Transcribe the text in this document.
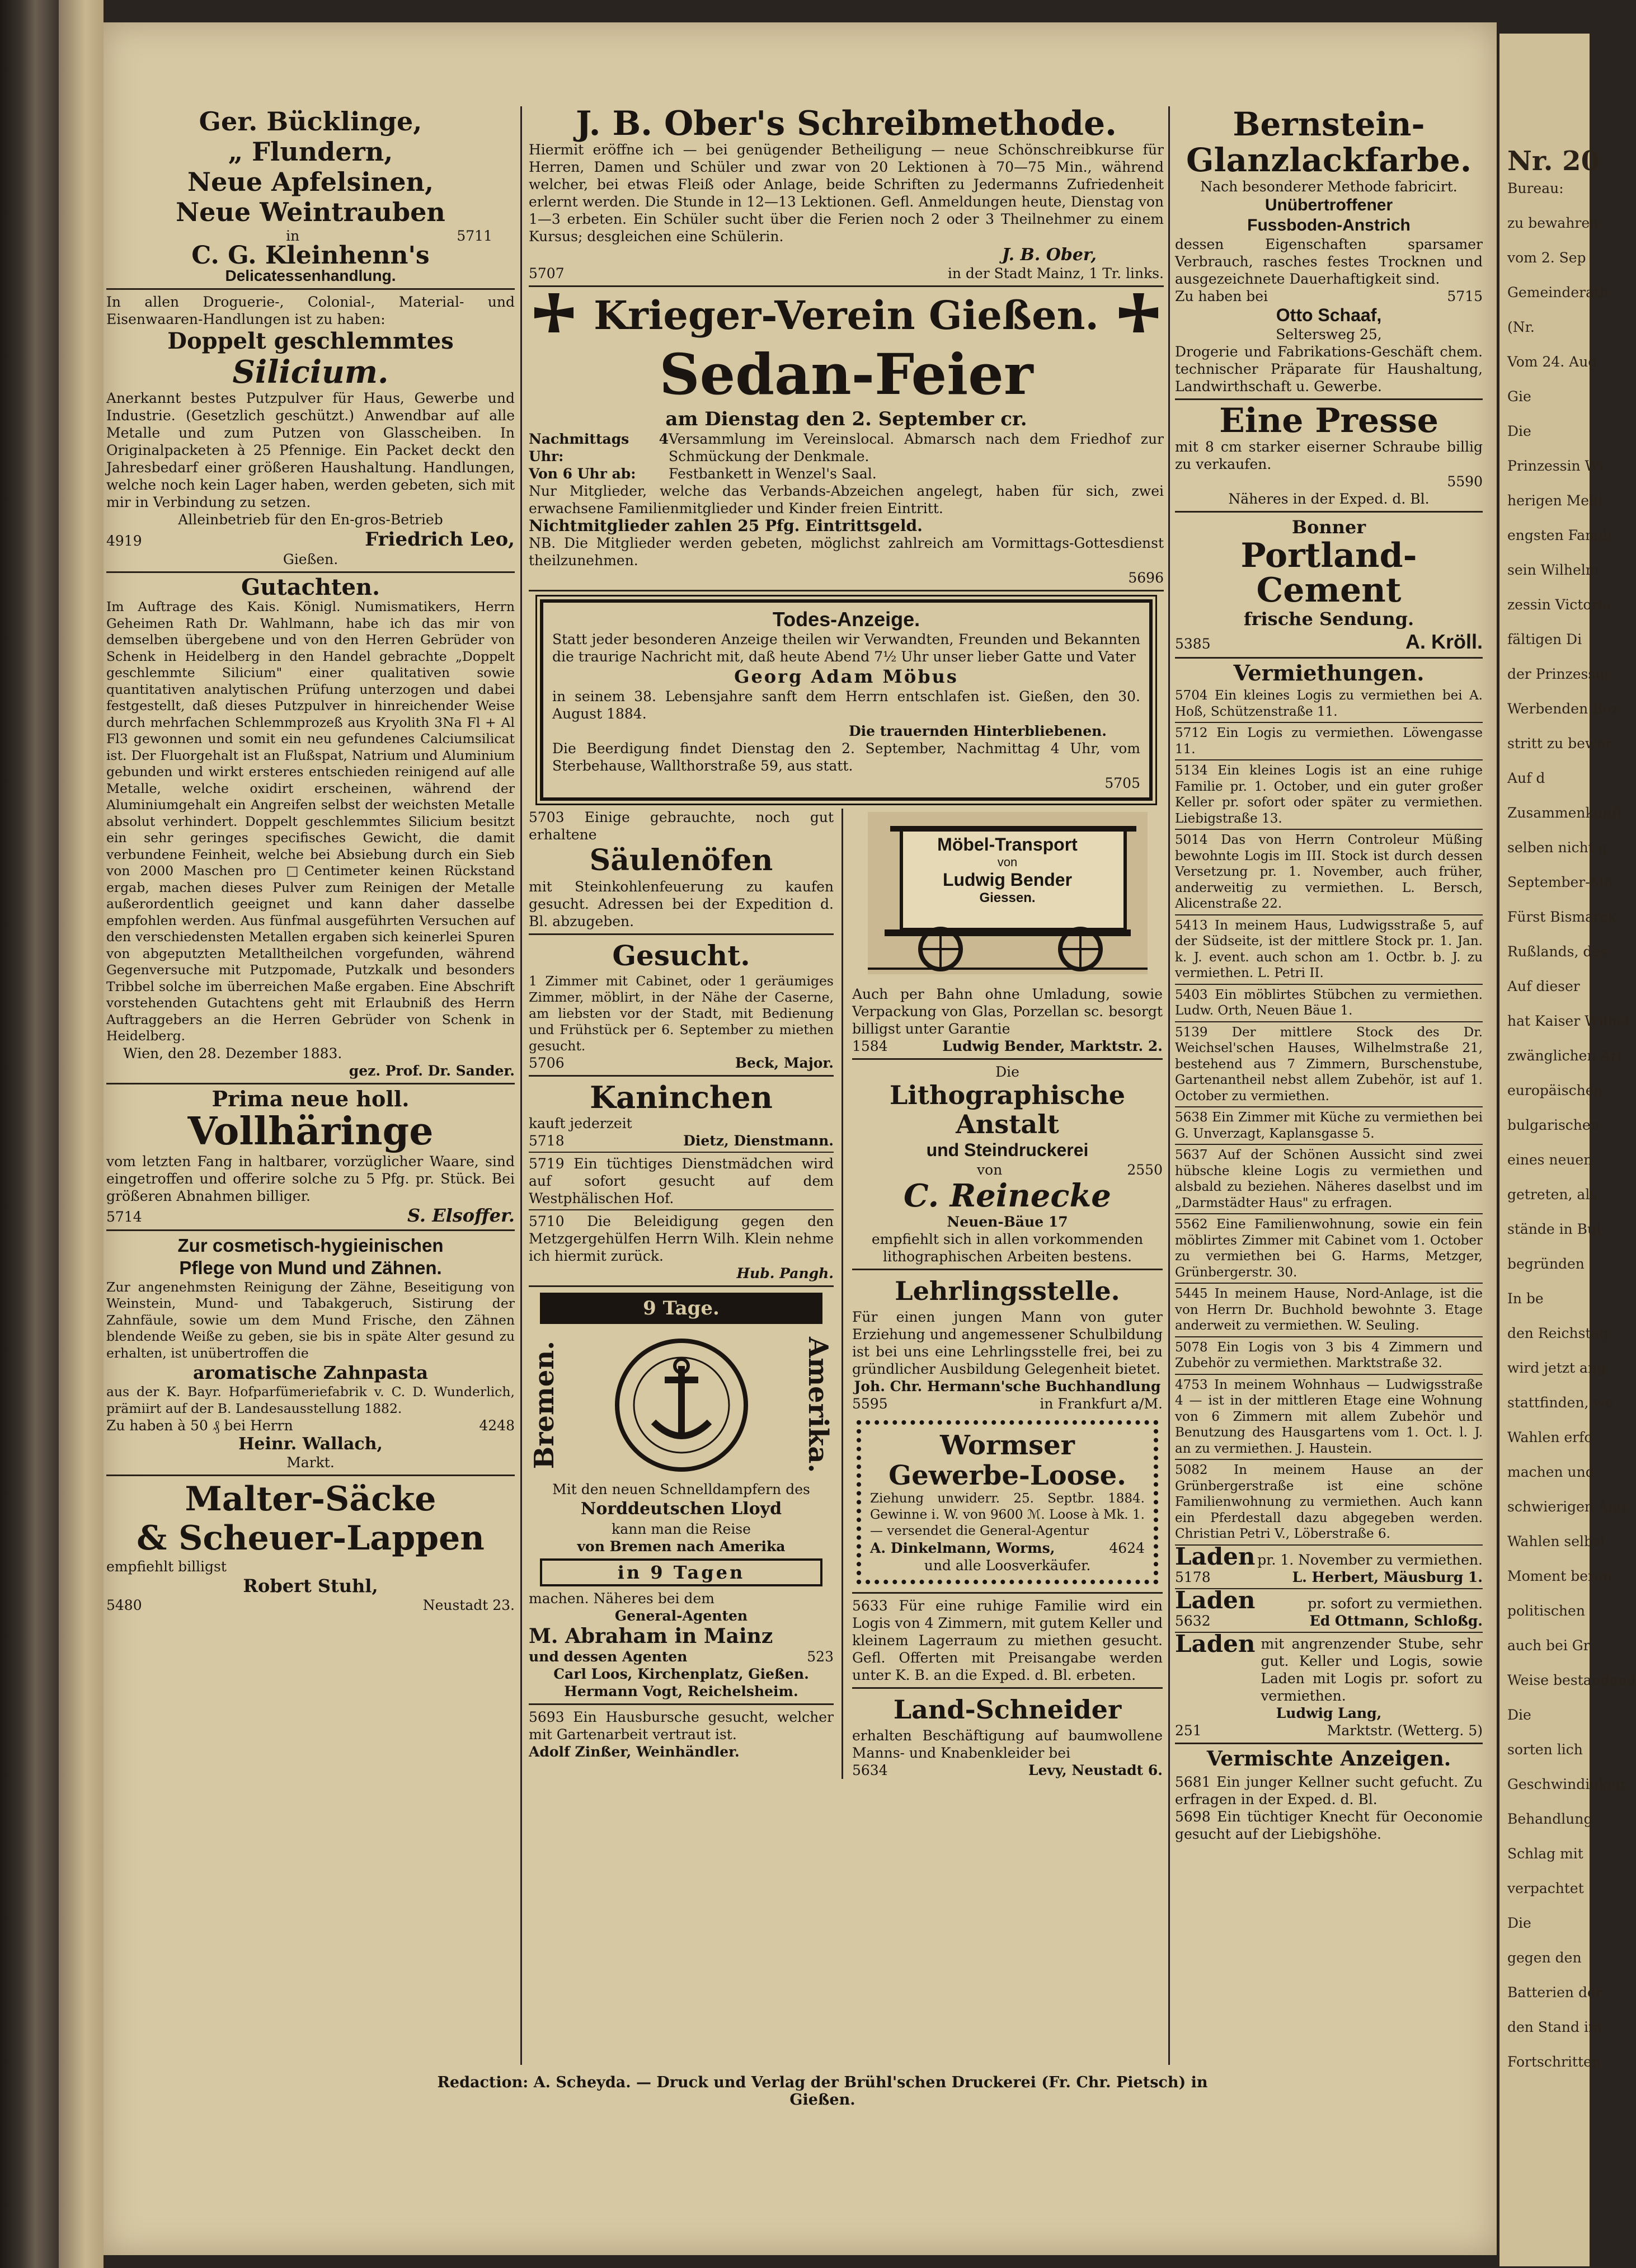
Nr. 20
Bureau:
zu bewahren
vom 2. Sep
Gemeinderath
(Nr.
Vom 24. Aug
Gie
Die
Prinzessin Wi
herigen Meld
engsten Famili
sein Wilhelm
zessin Victoria
fältigen Di
der Prinzessin
Werbenden Bez
stritt zu bewer
Auf d
Zusammenkunft
selben nicht g
September-Mo
Fürst Bismarck
Rußlands, des
Auf dieser
hat Kaiser Wilhel
zwänglichen Art
europäischen
bulgarischen
eines neuen
getreten, als
stände in Bul
begründen
In be
den Reichstag
wird jetzt ang
stattfinden, we
Wahlen erfo
machen und
schwierigen Ang
Wahlen selbst
Moment beran
politischen
auch bei Gr
Weise bestandend
Die
sorten lich
Geschwindigkeit
Behandlung
Schlag mit
verpachtet
Die
gegen den
Batterien der
den Stand im
Fortschritten
Ger. Bücklinge,
„ Flundern,
Neue Apfelsinen,
Neue Weintrauben
in	5711
C. G. Kleinhenn's
Delicatessenhandlung.
In allen Droguerie-, Colonial-, Material- und Eisenwaaren-Handlungen ist zu haben:
Doppelt geschlemmtes
Silicium.
Anerkannt bestes Putzpulver für Haus, Gewerbe und Industrie. (Gesetzlich geschützt.) Anwendbar auf alle Metalle und zum Putzen von Glasscheiben. In Originalpacketen à 25 Pfennige. Ein Packet deckt den Jahresbedarf einer größeren Haushaltung. Handlungen, welche noch kein Lager haben, werden gebeten, sich mit mir in Verbindung zu setzen.
Alleinbetrieb für den En-gros-Betrieb
4919	Friedrich Leo,
Gießen.
Gutachten.
Im Auftrage des Kais. Königl. Numismatikers, Herrn Geheimen Rath Dr. Wahlmann, habe ich das mir von demselben übergebene und von den Herren Gebrüder von Schenk in Heidelberg in den Handel gebrachte „Doppelt geschlemmte Silicium" einer qualitativen sowie quantitativen analytischen Prüfung unterzogen und dabei festgestellt, daß dieses Putzpulver in hinreichender Weise durch mehrfachen Schlemmprozeß aus Kryolith 3Na Fl + Al Fl3 gewonnen und somit ein neu gefundenes Calciumsilicat ist. Der Fluorgehalt ist an Flußspat, Natrium und Aluminium gebunden und wirkt ersteres entschieden reinigend auf alle Metalle, welche oxidirt erscheinen, während der Aluminiumgehalt ein Angreifen selbst der weichsten Metalle absolut verhindert. Doppelt geschlemmtes Silicium besitzt ein sehr geringes specifisches Gewicht, die damit verbundene Feinheit, welche bei Absiebung durch ein Sieb von 2000 Maschen pro □Centimeter keinen Rückstand ergab, machen dieses Pulver zum Reinigen der Metalle außerordentlich geeignet und kann daher dasselbe empfohlen werden. Aus fünfmal ausgeführten Versuchen auf den verschiedensten Metallen ergaben sich keinerlei Spuren von abgeputzten Metalltheilchen vorgefunden, während Gegenversuche mit Putzpomade, Putzkalk und besonders Tribbel solche im überreichen Maße ergaben. Eine Abschrift vorstehenden Gutachtens geht mit Erlaubniß des Herrn Auftraggebers an die Herren Gebrüder von Schenk in Heidelberg.
Wien, den 28. Dezember 1883.
gez. Prof. Dr. Sander.
Prima neue holl.
Vollhäringe
vom letzten Fang in haltbarer, vorzüglicher Waare, sind eingetroffen und offerire solche zu 5 Pfg. pr. Stück. Bei größeren Abnahmen billiger.
5714	S. Elsoffer.
Zur cosmetisch-hygieinischen
Pflege von Mund und Zähnen.
Zur angenehmsten Reinigung der Zähne, Beseitigung von Weinstein, Mund- und Tabakgeruch, Sistirung der Zahnfäule, sowie um dem Mund Frische, den Zähnen blendende Weiße zu geben, sie bis in späte Alter gesund zu erhalten, ist unübertroffen die
aromatische Zahnpasta
aus der K. Bayr. Hofparfümeriefabrik v. C. D. Wunderlich, prämiirt auf der B. Landesausstellung 1882.
Zu haben à 50 ₰ bei Herrn	4248
Heinr. Wallach,
Markt.
Malter-Säcke
& Scheuer-Lappen
empfiehlt billigst
Robert Stuhl,
5480	Neustadt 23.
J. B. Ober's Schreibmethode.
Hiermit eröffne ich — bei genügender Betheiligung — neue Schönschreibkurse für Herren, Damen und Schüler und zwar von 20 Lektionen à 70—75 Min., während welcher, bei etwas Fleiß oder Anlage, beide Schriften zu Jedermanns Zufriedenheit erlernt werden. Die Stunde in 12—13 Lektionen. Gefl. Anmeldungen heute, Dienstag von 1—3 erbeten. Ein Schüler sucht über die Ferien noch 2 oder 3 Theilnehmer zu einem Kursus; desgleichen eine Schülerin.
J. B. Ober,
5707	in der Stadt Mainz, 1 Tr. links.
Krieger-Verein Gießen.
Sedan-Feier
am Dienstag den 2. September cr.
Nachmittags 4 Uhr:
Versammlung im Vereinslocal. Abmarsch nach dem Friedhof zur Schmückung der Denkmale.
Von 6 Uhr ab:	Festbankett in Wenzel's Saal.
Nur Mitglieder, welche das Verbands-Abzeichen angelegt, haben für sich, zwei erwachsene Familienmitglieder und Kinder freien Eintritt.
Nichtmitglieder zahlen 25 Pfg. Eintrittsgeld.
NB. Die Mitglieder werden gebeten, möglichst zahlreich am Vormittags-Gottesdienst theilzunehmen.
5696
Todes-Anzeige.
Statt jeder besonderen Anzeige theilen wir Verwandten, Freunden und Bekannten die traurige Nachricht mit, daß heute Abend 7½ Uhr unser lieber Gatte und Vater
Georg Adam Möbus
in seinem 38. Lebensjahre sanft dem Herrn entschlafen ist. Gießen, den 30. August 1884.
Die trauernden Hinterbliebenen.
Die Beerdigung findet Dienstag den 2. September, Nachmittag 4 Uhr, vom Sterbehause, Wallthorstraße 59, aus statt.
5705
5703 Einige gebrauchte, noch gut erhaltene
Säulenöfen
mit Steinkohlenfeuerung zu kaufen gesucht. Adressen bei der Expedition d. Bl. abzugeben.
Gesucht.
1 Zimmer mit Cabinet, oder 1 geräumiges Zimmer, möblirt, in der Nähe der Caserne, am liebsten vor der Stadt, mit Bedienung und Frühstück per 6. September zu miethen gesucht.
5706	Beck, Major.
Kaninchen
kauft jederzeit
5718	Dietz, Dienstmann.
5719 Ein tüchtiges Dienstmädchen wird auf sofort gesucht auf dem Westphälischen Hof.
5710 Die Beleidigung gegen den Metzgergehülfen Herrn Wilh. Klein nehme ich hiermit zurück.
Hub. Pangh.
9 Tage.
Bremen.	Amerika.
Mit den neuen Schnelldampfern des
Norddeutschen Lloyd
kann man die Reise
von Bremen nach Amerika
in 9 Tagen
machen. Näheres bei dem
General-Agenten
M. Abraham in Mainz
und dessen Agenten	523
Carl Loos, Kirchenplatz, Gießen.
Hermann Vogt, Reichelsheim.
5693 Ein Hausbursche gesucht, welcher mit Gartenarbeit vertraut ist.
Adolf Zinßer, Weinhändler.
Möbel-Transport
von
Ludwig Bender
Giessen.
Auch per Bahn ohne Umladung, sowie Verpackung von Glas, Porzellan sc. besorgt billigst unter Garantie
1584	Ludwig Bender, Marktstr. 2.
Die
Lithographische Anstalt
und Steindruckerei
von	2550
C. Reinecke
Neuen-Bäue 17
empfiehlt sich in allen vorkommenden lithographischen Arbeiten bestens.
Lehrlingsstelle.
Für einen jungen Mann von guter Erziehung und angemessener Schulbildung ist bei uns eine Lehrlingsstelle frei, bei zu gründlicher Ausbildung Gelegenheit bietet.
Joh. Chr. Hermann'sche Buchhandlung
5595	in Frankfurt a/M.
Wormser
Gewerbe-Loose.
Ziehung unwiderr. 25. Septbr. 1884. Gewinne i. W. von 9600 ℳ. Loose à Mk. 1.— versendet die General-Agentur
A. Dinkelmann, Worms,	4624
und alle Loosverkäufer.
5633 Für eine ruhige Familie wird ein Logis von 4 Zimmern, mit gutem Keller und kleinem Lagerraum zu miethen gesucht. Gefl. Offerten mit Preisangabe werden unter K. B. an die Exped. d. Bl. erbeten.
Land-Schneider
erhalten Beschäftigung auf baumwollene Manns- und Knabenkleider bei
5634	Levy, Neustadt 6.
Bernstein-
Glanzlackfarbe.
Nach besonderer Methode fabricirt.
Unübertroffener
Fussboden-Anstrich
dessen Eigenschaften sparsamer Verbrauch, rasches festes Trocknen und ausgezeichnete Dauerhaftigkeit sind.
Zu haben bei	5715
Otto Schaaf,
Seltersweg 25,
Drogerie und Fabrikations-Geschäft chem. technischer Präparate für Haushaltung, Landwirthschaft u. Gewerbe.
Eine Presse
mit 8 cm starker eiserner Schraube billig zu verkaufen.
5590
Näheres in der Exped. d. Bl.
Bonner
Portland-Cement
frische Sendung.
5385	A. Kröll.
Vermiethungen.
5704 Ein kleines Logis zu vermiethen bei A. Hoß, Schützenstraße 11.
5712 Ein Logis zu vermiethen. Löwengasse 11.
5134 Ein kleines Logis ist an eine ruhige Familie pr. 1. October, und ein guter großer Keller pr. sofort oder später zu vermiethen. Liebigstraße 13.
5014 Das von Herrn Controleur Müßing bewohnte Logis im III. Stock ist durch dessen Versetzung pr. 1. November, auch früher, anderweitig zu vermiethen. L. Bersch, Alicenstraße 22.
5413 In meinem Haus, Ludwigsstraße 5, auf der Südseite, ist der mittlere Stock pr. 1. Jan. k. J. event. auch schon am 1. Octbr. b. J. zu vermiethen. L. Petri II.
5403 Ein möblirtes Stübchen zu vermiethen. Ludw. Orth, Neuen Bäue 1.
5139 Der mittlere Stock des Dr. Weichsel'schen Hauses, Wilhelmstraße 21, bestehend aus 7 Zimmern, Burschenstube, Gartenantheil nebst allem Zubehör, ist auf 1. October zu vermiethen.
5638 Ein Zimmer mit Küche zu vermiethen bei G. Unverzagt, Kaplansgasse 5.
5637 Auf der Schönen Aussicht sind zwei hübsche kleine Logis zu vermiethen und alsbald zu beziehen. Näheres daselbst und im „Darmstädter Haus" zu erfragen.
5562 Eine Familienwohnung, sowie ein fein möblirtes Zimmer mit Cabinet vom 1. October zu vermiethen bei G. Harms, Metzger, Grünbergerstr. 30.
5445 In meinem Hause, Nord-Anlage, ist die von Herrn Dr. Buchhold bewohnte 3. Etage anderweit zu vermiethen. W. Seuling.
5078 Ein Logis von 3 bis 4 Zimmern und Zubehör zu vermiethen. Marktstraße 32.
4753 In meinem Wohnhaus — Ludwigsstraße 4 — ist in der mittleren Etage eine Wohnung von 6 Zimmern mit allem Zubehör und Benutzung des Hausgartens vom 1. Oct. l. J. an zu vermiethen. J. Haustein.
5082 In meinem Hause an der Grünbergerstraße ist eine schöne Familienwohnung zu vermiethen. Auch kann ein Pferdestall dazu abgegeben werden. Christian Petri V., Löberstraße 6.
Laden pr. 1. November zu vermiethen.
5178	L. Herbert, Mäusburg 1.
Laden	pr. sofort zu vermiethen.
5632	Ed Ottmann, Schloßg.
Laden mit angrenzender Stube, sehr gut. Keller und Logis, sowie Laden mit Logis pr. sofort zu vermiethen.
Ludwig Lang,
251	Marktstr. (Wetterg. 5)
Vermischte Anzeigen.
5681 Ein junger Kellner sucht gefucht. Zu erfragen in der Exped. d. Bl.
5698 Ein tüchtiger Knecht für Oeconomie gesucht auf der Liebigshöhe.
Redaction: A. Scheyda. — Druck und Verlag der Brühl'schen Druckerei (Fr. Chr. Pietsch) in Gießen.
